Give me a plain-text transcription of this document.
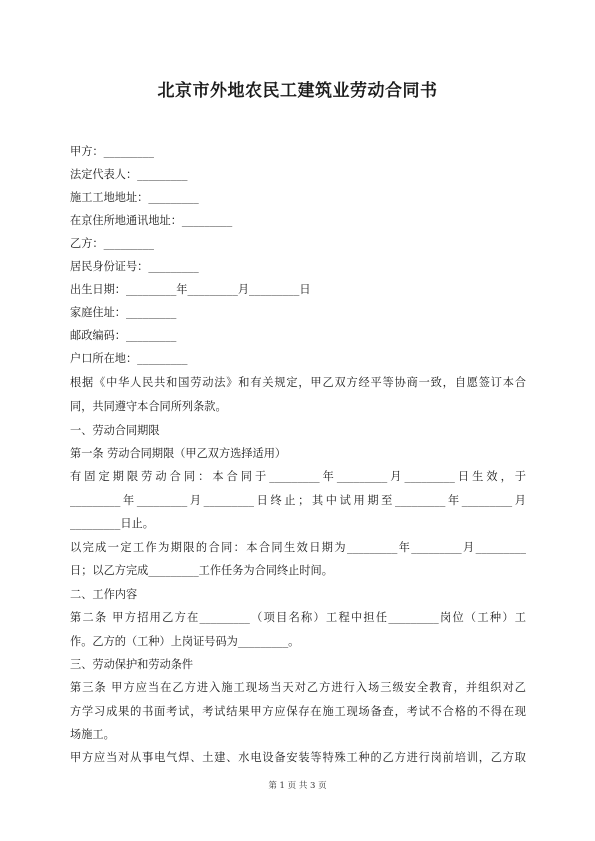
北京市外地农民工建筑业劳动合同书
甲方：_________
法定代表人：_________
施工工地地址：_________
在京住所地通讯地址：_________
乙方：_________
居民身份证号：_________
出生日期：_________年_________月_________日
家庭住址：_________
邮政编码：_________
户口所在地：_________
根据《中华人民共和国劳动法》和有关规定，甲乙双方经平等协商一致，自愿签订本合
同，共同遵守本合同所列条款。
一、劳动合同期限
第一条 劳动合同期限（甲乙双方选择适用）
有固定期限劳动合同：本合同于_________年_________月_________日生效，于
_________年_________月_________日终止；其中试用期至_________年_________月
_________日止。
以完成一定工作为期限的合同：本合同生效日期为_________年_________月_________
日；以乙方完成_________工作任务为合同终止时间。
二、工作内容
第二条 甲方招用乙方在_________（项目名称）工程中担任_________岗位（工种）工
作。乙方的（工种）上岗证号码为_________。
三、劳动保护和劳动条件
第三条 甲方应当在乙方进入施工现场当天对乙方进行入场三级安全教育，并组织对乙
方学习成果的书面考试，考试结果甲方应保存在施工现场备查，考试不合格的不得在现
场施工。
甲方应当对从事电气焊、土建、水电设备安装等特殊工种的乙方进行岗前培训，乙方取
第 1 页 共 3 页
